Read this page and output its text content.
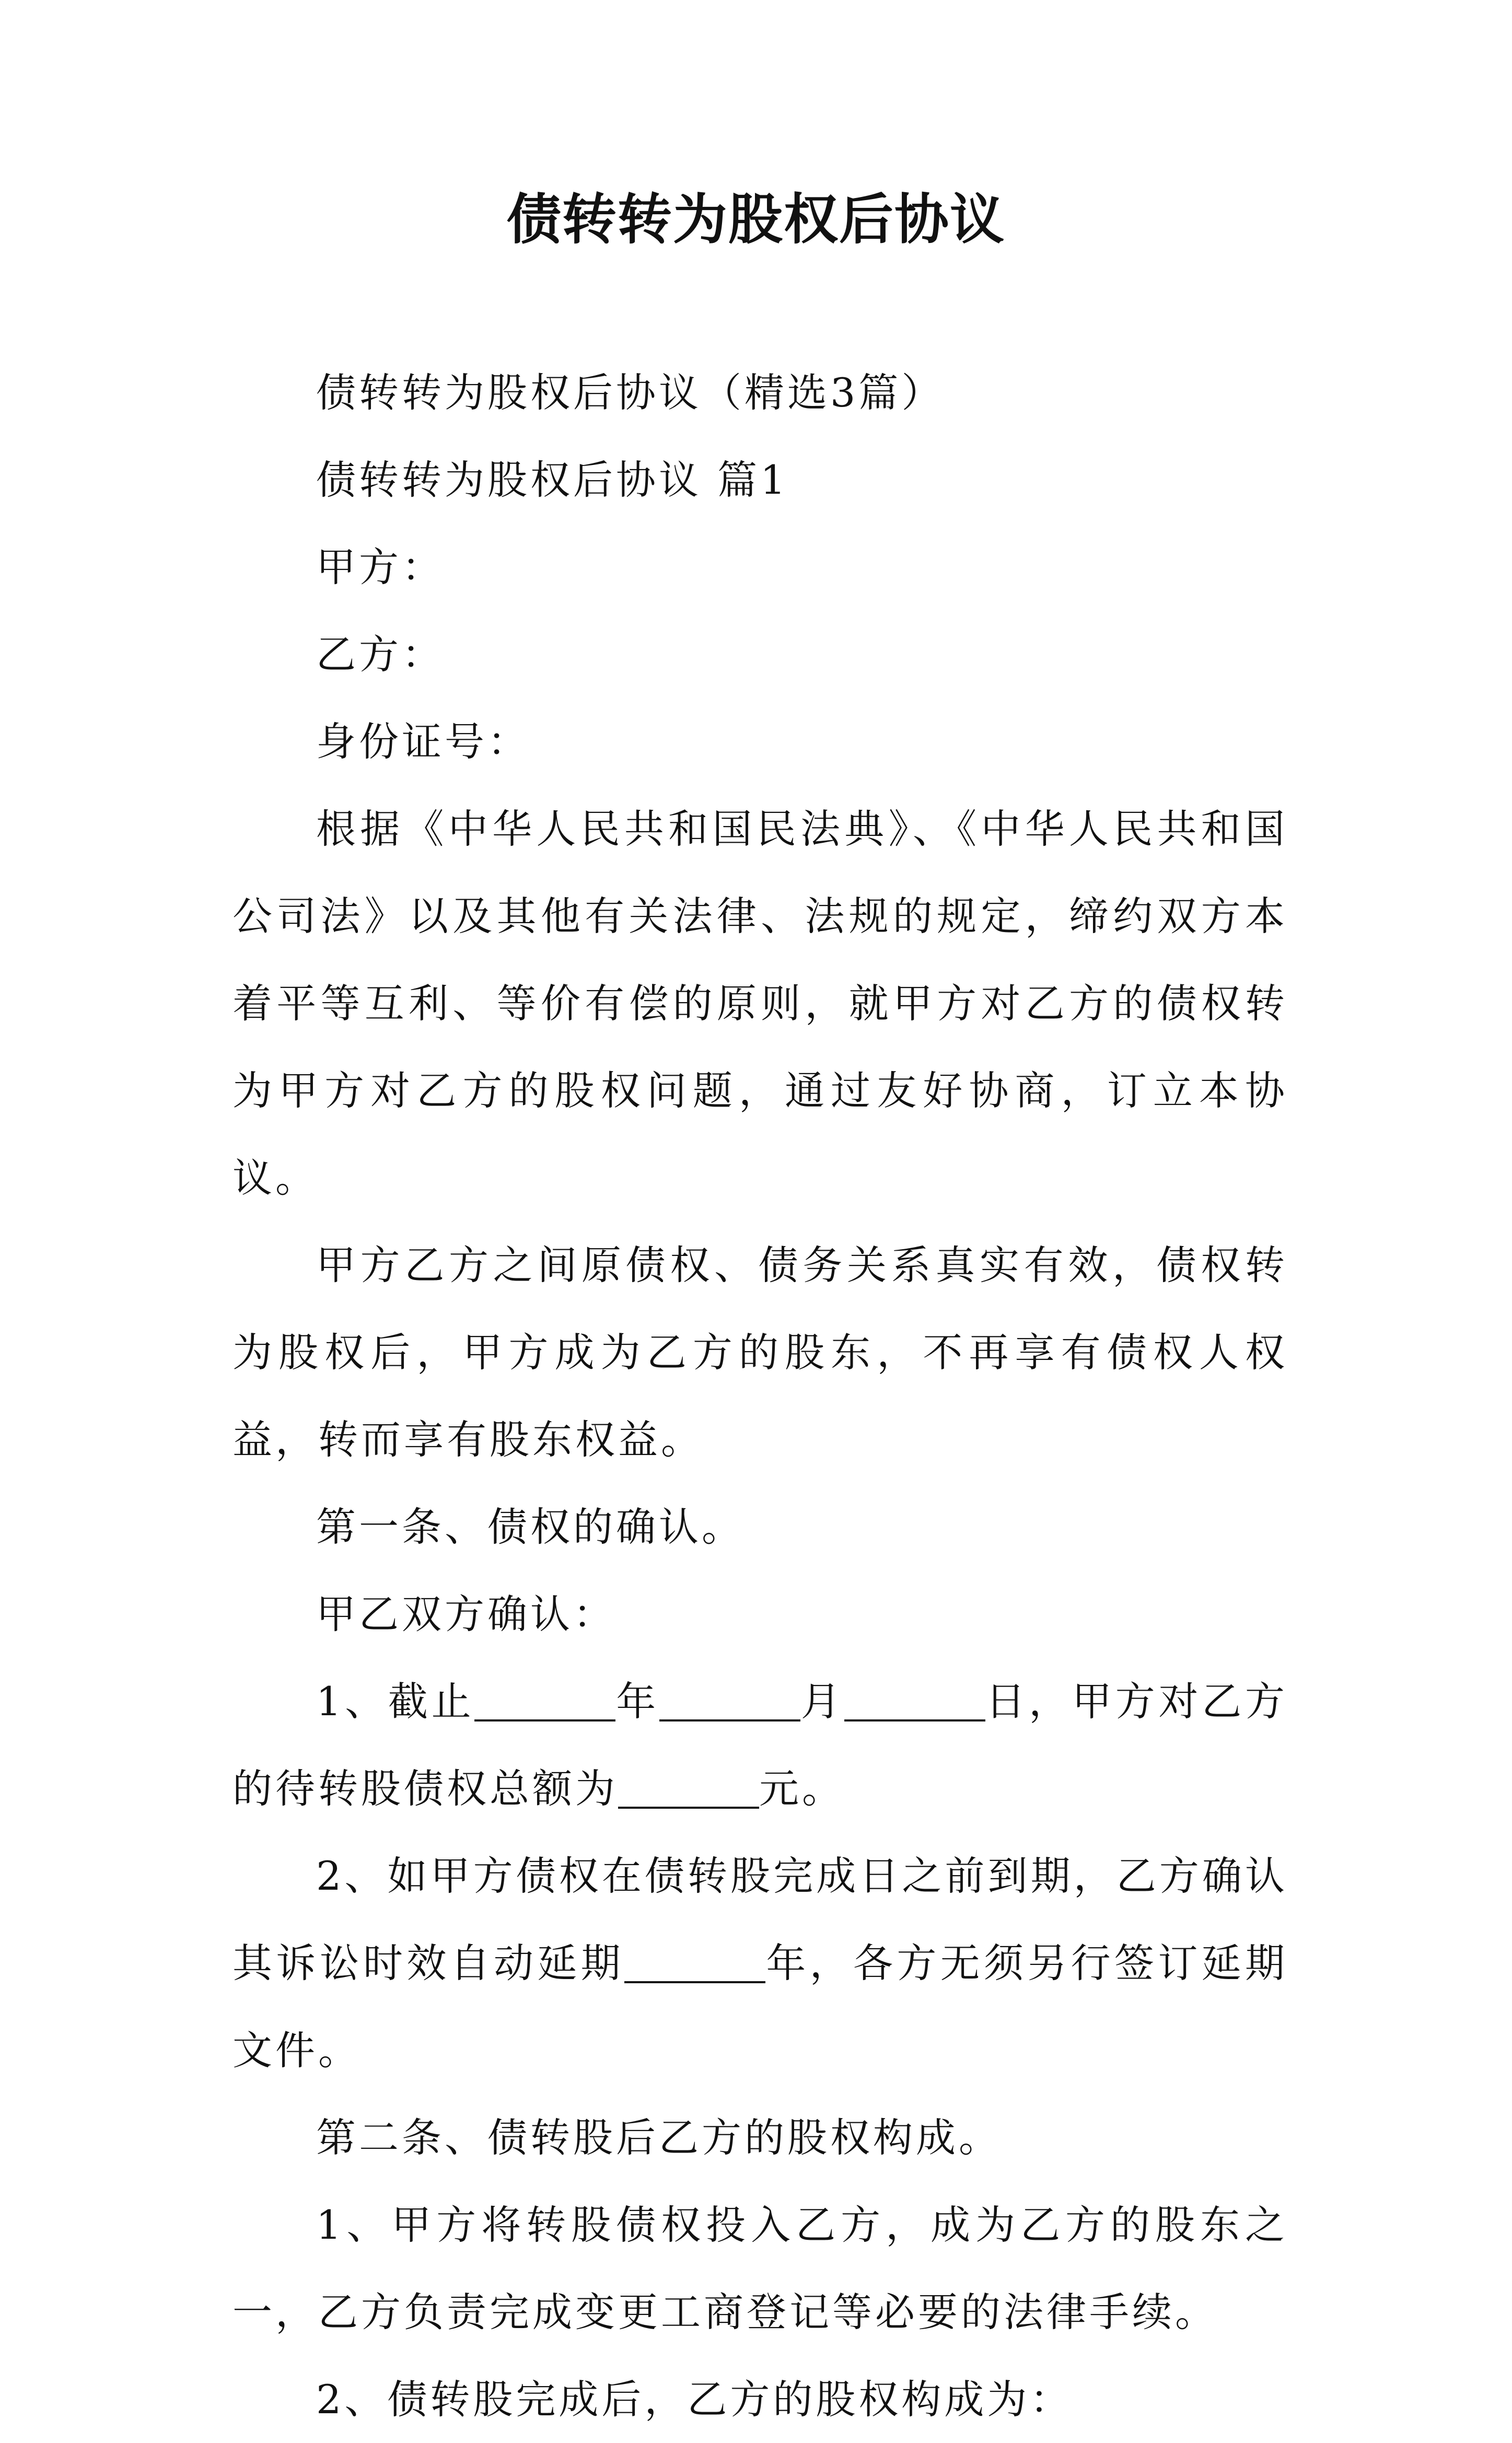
债转转为股权后协议

债转转为股权后协议（精选3篇）

债转转为股权后协议 篇1

甲方：

乙方：

身份证号：

根据《中华人民共和国民法典》、《中华人民共和国公司法》以及其他有关法律、法规的规定，缔约双方本着平等互利、等价有偿的原则，就甲方对乙方的债权转为甲方对乙方的股权问题，通过友好协商，订立本协议。

甲方乙方之间原债权、债务关系真实有效，债权转为股权后，甲方成为乙方的股东，不再享有债权人权益，转而享有股东权益。

第一条、债权的确认。

甲乙双方确认：

1、截止	年	月	日，甲方对乙方的待转股债权总额为	元。

2、如甲方债权在债转股完成日之前到期，乙方确认其诉讼时效自动延期	年，各方无须另行签订延期文件。

第二条、债转股后乙方的股权构成。

1、甲方将转股债权投入乙方，成为乙方的股东之一，乙方负责完成变更工商登记等必要的法律手续。

2、债转股完成后，乙方的股权构成为：
